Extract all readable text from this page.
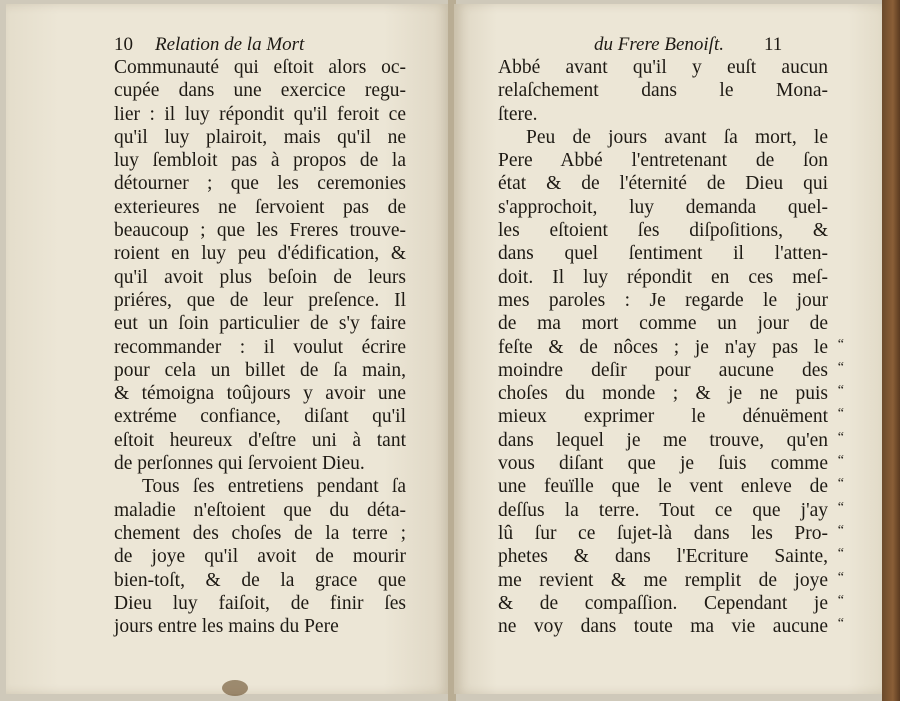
10 Relation de la Mort
Communauté qui eſtoit alors oc-
cupée dans une exercice regu-
lier : il luy répondit qu'il feroit ce
qu'il luy plairoit, mais qu'il ne
luy ſembloit pas à propos de la
détourner ; que les ceremonies
exterieures ne ſervoient pas de
beaucoup ; que les Freres trouve-
roient en luy peu d'édification, &
qu'il avoit plus beſoin de leurs
priéres, que de leur preſence. Il
eut un ſoin particulier de s'y faire
recommander : il voulut écrire
pour cela un billet de ſa main,
& témoigna toûjours y avoir une
extréme confiance, diſant qu'il
eſtoit heureux d'eſtre uni à tant
de perſonnes qui ſervoient Dieu.
Tous ſes entretiens pendant ſa
maladie n'eſtoient que du déta-
chement des choſes de la terre ;
de joye qu'il avoit de mourir
bien-toſt, & de la grace que
Dieu luy faiſoit, de finir ſes
jours entre les mains du Pere
du Frere Benoiſt. 11
Abbé avant qu'il y euſt aucun
relaſchement dans le Mona-
ſtere.
Peu de jours avant ſa mort, le
Pere Abbé l'entretenant de ſon
état & de l'éternité de Dieu qui
s'approchoit, luy demanda quel-
les eſtoient ſes diſpoſitions, &
dans quel ſentiment il l'atten-
doit. Il luy répondit en ces meſ-
mes paroles : Je regarde le jour
de ma mort comme un jour de
feſte & de nôces ; je n'ay pas le “
moindre deſir pour aucune des “
choſes du monde ; & je ne puis “
mieux exprimer le dénuëment “
dans lequel je me trouve, qu'en “
vous diſant que je ſuis comme “
une feuïlle que le vent enleve de “
deſſus la terre. Tout ce que j'ay “
lû ſur ce ſujet-là dans les Pro- “
phetes & dans l'Ecriture Sainte, “
me revient & me remplit de joye “
& de compaſſion. Cependant je “
ne voy dans toute ma vie aucune “
